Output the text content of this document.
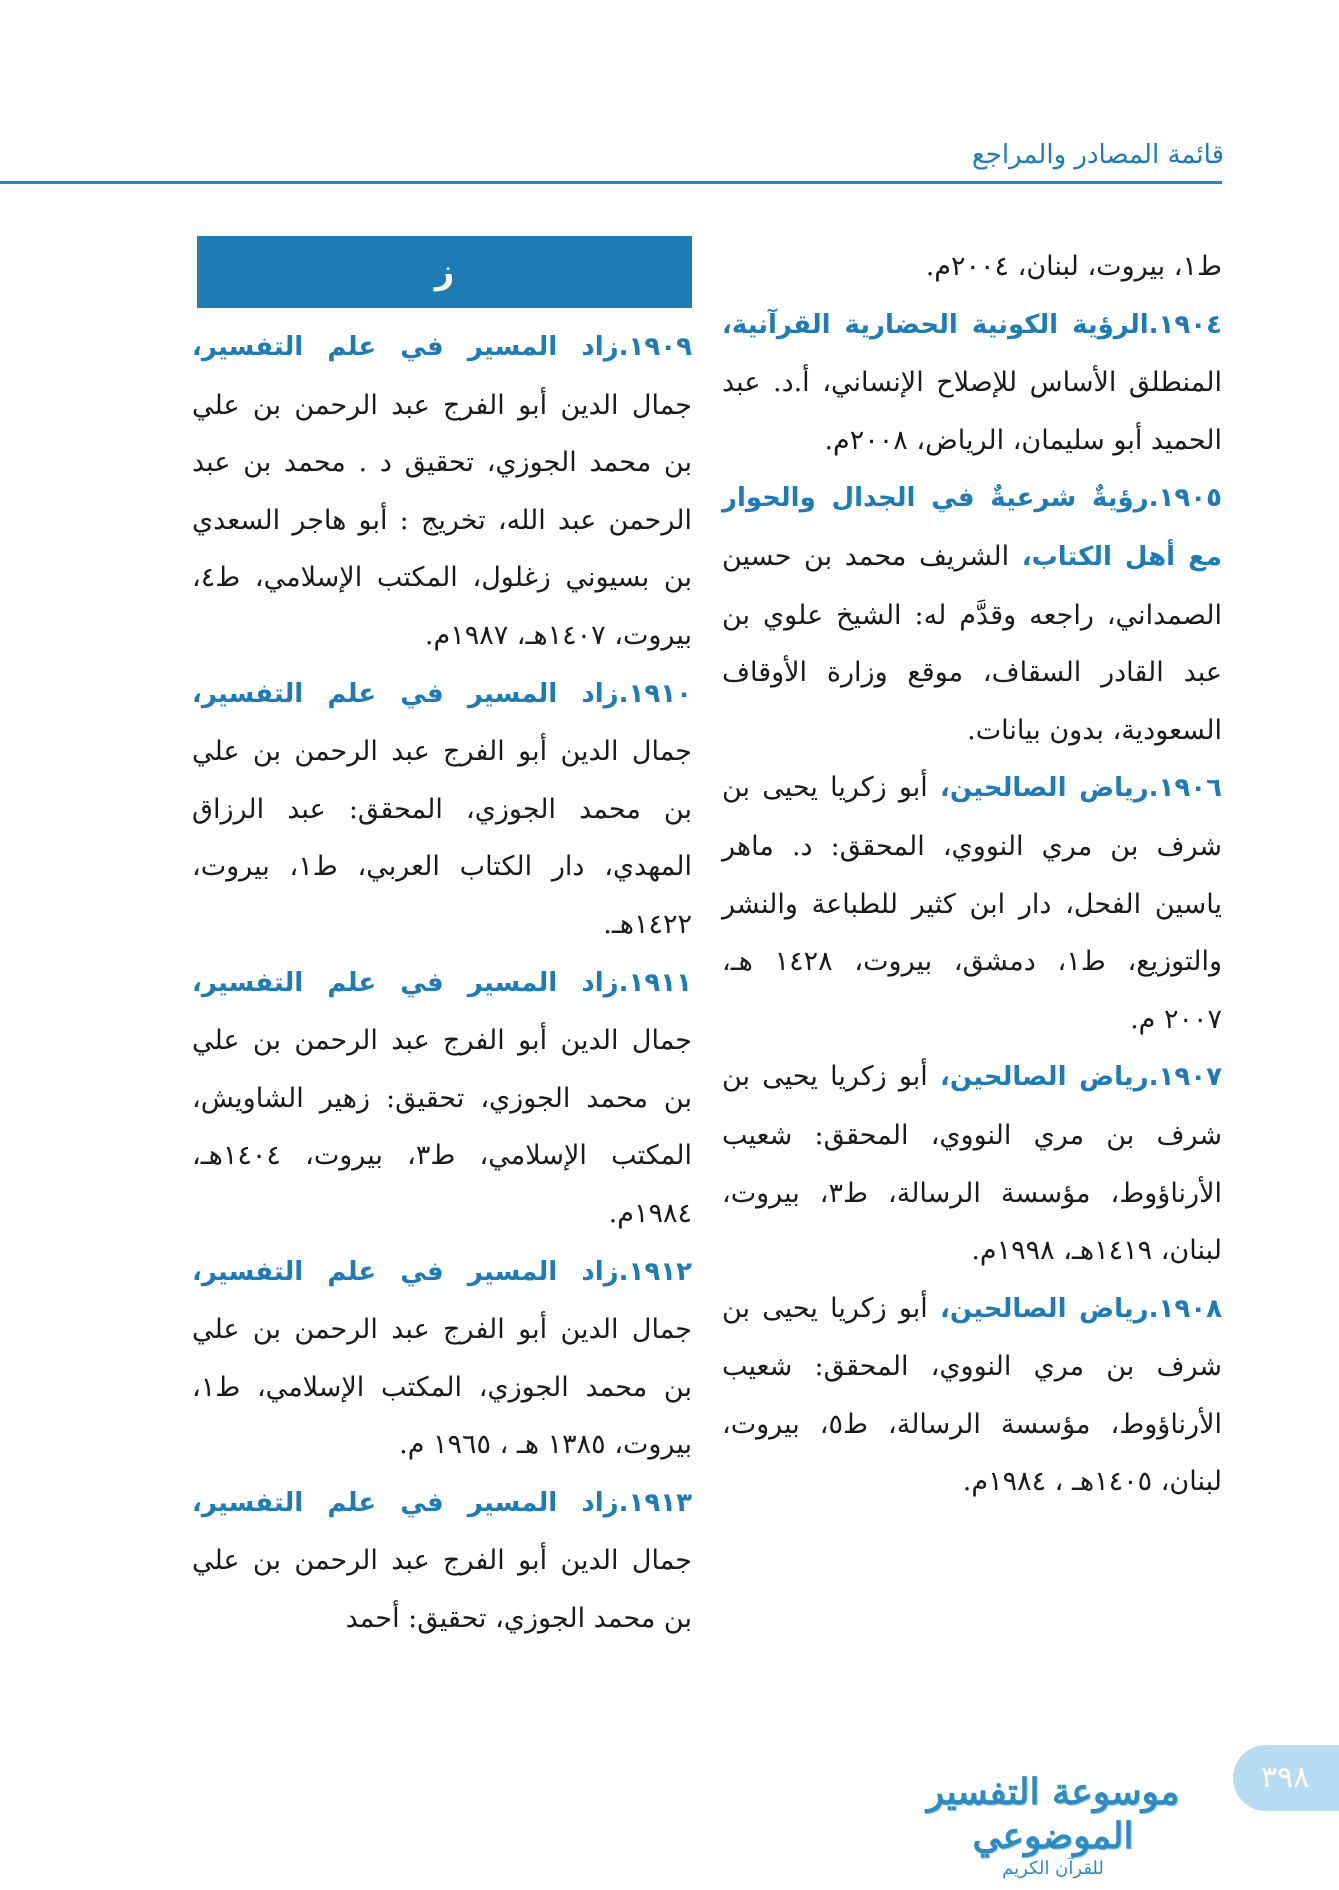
قائمة المصادر والمراجع

ط١، بيروت، لبنان، ٢٠٠٤م.

١٩٠٤.الرؤية الكونية الحضارية القرآنية، المنطلق الأساس للإصلاح الإنساني، أ.د. عبد الحميد أبو سليمان، الرياض، ٢٠٠٨م.

١٩٠٥.رؤيةٌ شرعيةٌ في الجدال والحوار مع أهل الكتاب، الشريف محمد بن حسين الصمداني، راجعه وقدَّم له: الشيخ علوي بن عبد القادر السقاف، موقع وزارة الأوقاف السعودية، بدون بيانات.

١٩٠٦.رياض الصالحين، أبو زكريا يحيى بن شرف بن مري النووي، المحقق: د. ماهر ياسين الفحل، دار ابن كثير للطباعة والنشر والتوزيع، ط١، دمشق، بيروت، ١٤٢٨ هـ، ٢٠٠٧ م.

١٩٠٧.رياض الصالحين، أبو زكريا يحيى بن شرف بن مري النووي، المحقق: شعيب الأرناؤوط، مؤسسة الرسالة، ط٣، بيروت، لبنان، ١٤١٩هـ، ١٩٩٨م.

١٩٠٨.رياض الصالحين، أبو زكريا يحيى بن شرف بن مري النووي، المحقق: شعيب الأرناؤوط، مؤسسة الرسالة، ط٥، بيروت، لبنان، ١٤٠٥هـ ، ١٩٨٤م.

ز

١٩٠٩.زاد المسير في علم التفسير، جمال الدين أبو الفرج عبد الرحمن بن علي بن محمد الجوزي، تحقيق د . محمد بن عبد الرحمن عبد الله، تخريج : أبو هاجر السعدي بن بسيوني زغلول، المكتب الإسلامي، ط٤، بيروت، ١٤٠٧هـ، ١٩٨٧م.

١٩١٠.زاد المسير في علم التفسير، جمال الدين أبو الفرج عبد الرحمن بن علي بن محمد الجوزي، المحقق: عبد الرزاق المهدي، دار الكتاب العربي، ط١، بيروت، ١٤٢٢هـ.

١٩١١.زاد المسير في علم التفسير، جمال الدين أبو الفرج عبد الرحمن بن علي بن محمد الجوزي، تحقيق: زهير الشاويش، المكتب الإسلامي، ط٣، بيروت، ١٤٠٤هـ، ١٩٨٤م.

١٩١٢.زاد المسير في علم التفسير، جمال الدين أبو الفرج عبد الرحمن بن علي بن محمد الجوزي، المكتب الإسلامي، ط١، بيروت، ١٣٨٥ هـ ، ١٩٦٥ م.

١٩١٣.زاد المسير في علم التفسير، جمال الدين أبو الفرج عبد الرحمن بن علي بن محمد الجوزي، تحقيق: أحمد

موسوعة التفسير الموضوعي
للقرآن الكريم
٣٩٨
